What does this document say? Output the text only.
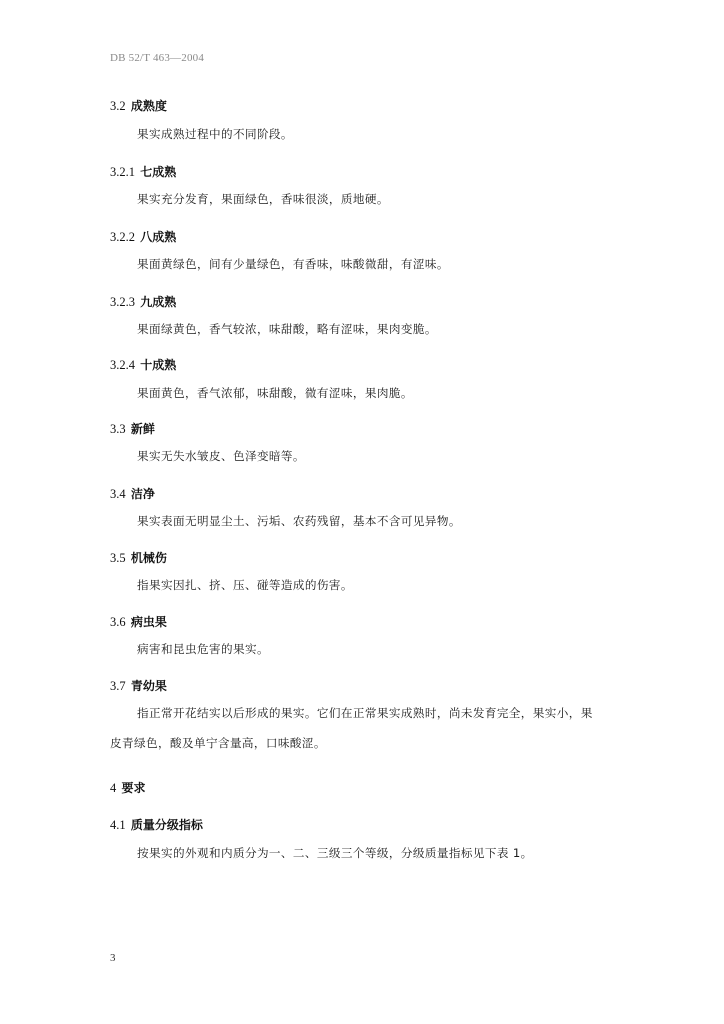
DB 52/T 463—2004
3.2 成熟度
果实成熟过程中的不同阶段。
3.2.1 七成熟
果实充分发育，果面绿色，香味很淡，质地硬。
3.2.2 八成熟
果面黄绿色，间有少量绿色，有香味，味酸微甜，有涩味。
3.2.3 九成熟
果面绿黄色，香气较浓，味甜酸，略有涩味，果肉变脆。
3.2.4 十成熟
果面黄色，香气浓郁，味甜酸，微有涩味，果肉脆。
3.3 新鲜
果实无失水皱皮、色泽变暗等。
3.4 洁净
果实表面无明显尘土、污垢、农药残留，基本不含可见异物。
3.5 机械伤
指果实因扎、挤、压、碰等造成的伤害。
3.6 病虫果
病害和昆虫危害的果实。
3.7 青幼果
指正常开花结实以后形成的果实。它们在正常果实成熟时，尚未发育完全，果实小，果
皮青绿色，酸及单宁含量高，口味酸涩。
4 要求
4.1 质量分级指标
按果实的外观和内质分为一、二、三级三个等级，分级质量指标见下表 1。
3
